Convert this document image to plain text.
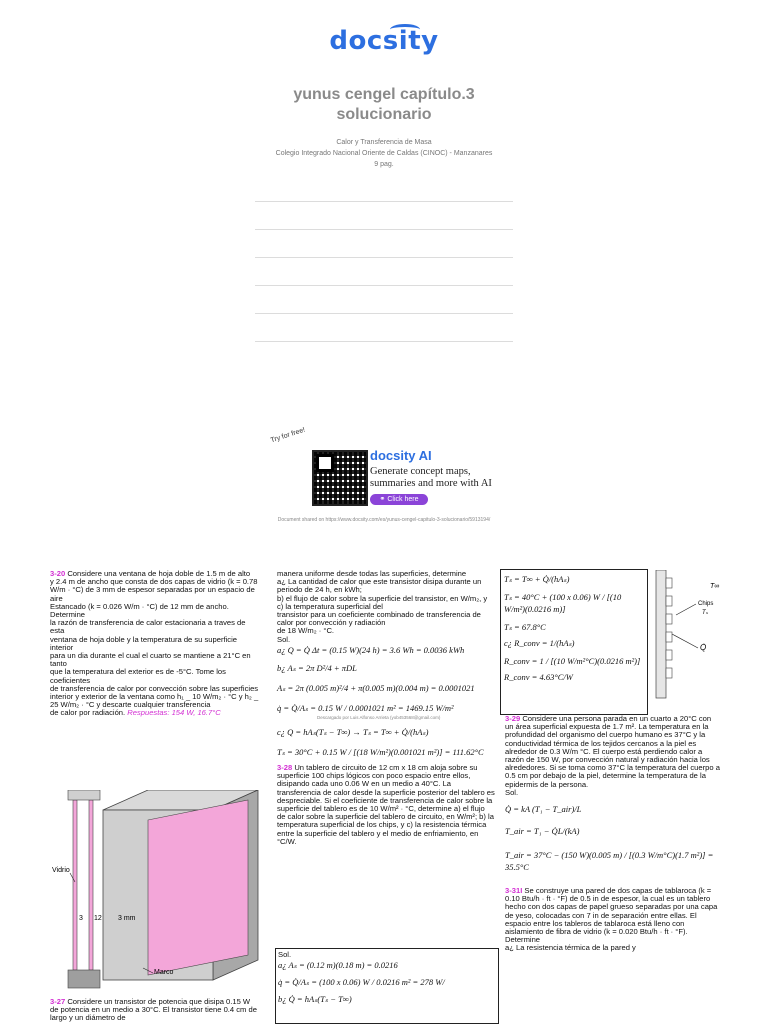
docsity
yunus cengel capítulo.3
solucionario
Calor y Transferencia de Masa
Colegio Integrado Nacional Oriente de Caldas (CINOC) - Manzanares
9 pag.
Try for free!
docsity AI
Generate concept maps,
summaries and more with AI
⚭ Click here
Document shared on https://www.docsity.com/es/yunus-cengel-capitulo-3-solucionario/5913194/

3-20 Considere una ventana de hoja doble de 1.5 m de alto

y 2.4 m de ancho que consta de dos capas de vidrio (k = 0.78

W/m · °C) de 3 mm de espesor separadas por un espacio de aire

Estancado (k = 0.026 W/m · °C) de 12 mm de ancho. Determine

la razón de transferencia de calor estacionaria a traves de esta

ventana de hoja doble y la temperatura de su superficie interior

para un dia durante el cual el cuarto se mantiene a 21°C en tanto

que la temperatura del exterior es de -5°C. Tome los coeficientes

de transferencia de calor por convección sobre las superficies

interior y exterior de la ventana como h₁ _ 10 W/m₂ · °C y h₂ _ 25 W/m₂ · °C y descarte cualquier transferencia

de calor por radiación. Respuestas: 154 W, 16.7°C

Vidrio
3 12 3 mm
Marco

3-27 Considere un transistor de potencia que disipa 0.15 W de potencia en un medio a 30°C. El transistor tiene 0.4 cm de largo y un diámetro de

manera uniforme desde todas las superficies, determine

a¿ La cantidad de calor que este transistor disipa durante un periodo de 24 h, en kWh;

b) el flujo de calor sobre la superficie del transistor, en W/m₂, y c) la temperatura superficial del

transistor para un coeficiente combinado de transferencia de calor por convección y radiación

de 18 W/m₂ · °C.

Sol.

a¿ Q = Q̇ Δt = (0.15 W)(24 h) = 3.6 Wh = 0.0036 kWh
b¿ Aₛ = 2π D²/4 + πDL
Aₛ = 2π (0.005 m)²/4 + π(0.005 m)(0.004 m) = 0.0001021
q̇ = Q̇/Aₛ = 0.15 W / 0.0001021 m² = 1469.15 W/m²
Descargado por Luis Alfonso Arrieta (yob453568@gmail.com)
c¿ Q = hAₛ(Tₛ − T∞) → Tₛ = T∞ + Q̇/(hAₛ)
Tₛ = 30°C + 0.15 W / [(18 W/m²)(0.001021 m²)] = 111.62°C

3-28 Un tablero de circuito de 12 cm x 18 cm aloja sobre su superficie 100 chips lógicos con poco espacio entre ellos, disipando cada uno 0.06 W en un medio a 40°C. La transferencia de calor desde la superficie posterior del tablero es despreciable. Si el coeficiente de transferencia de calor sobre la superficie del tablero es de 10 W/m² · °C, determine a) el flujo de calor sobre la superficie del tablero de circuito, en W/m²; b) la temperatura superficial de los chips, y c) la resistencia térmica entre la superficie del tablero y el medio de enfriamiento, en °C/W.

Sol.

a¿ Aₛ = (0.12 m)(0.18 m) = 0.0216
q̇ = Q̇/Aₛ = (100 x 0.06) W / 0.0216 m² = 278 W/
b¿ Q̇ = hAₛ(Tₛ − T∞)
Tₛ = T∞ + Q̇/(hAₛ)
Tₛ = 40°C + (100 x 0.06) W / [(10 W/m²)(0.0216 m)]
Tₛ = 67.8°C
c¿ R_conv = 1/(hAₛ)
R_conv = 1 / [(10 W/m²°C)(0.0216 m²)]
R_conv = 4.63°C/W
T∞
Chips
Tₛ
Q̇

3-29 Considere una persona parada en un cuarto a 20°C con un área superficial expuesta de 1.7 m². La temperatura en la profundidad del organismo del cuerpo humano es 37°C y la conductividad térmica de los tejidos cercanos a la piel es alrededor de 0.3 W/m °C. El cuerpo está perdiendo calor a razón de 150 W, por convección natural y radiación hacia los alrededores. Si se toma como 37°C la temperatura del cuerpo a 0.5 cm por debajo de la piel, determine la temperatura de la epidermis de la persona.

Sol.

Q̇ = kA (T₁ − T_air)/L
T_air = T₁ − Q̇L/(kA)
T_air = 37°C − (150 W)(0.005 m) / [(0.3 W/m°C)(1.7 m²)] = 35.5°C

3-31I Se construye una pared de dos capas de tablaroca (k = 0.10 Btu/h · ft · °F) de 0.5 in de espesor, la cual es un tablero hecho con dos capas de papel grueso separadas por una capa de yeso, colocadas con 7 in de separación entre ellas. El espacio entre los tableros de tablaroca está lleno con aislamiento de fibra de vidrio (k = 0.020 Btu/h · ft · °F). Determine

a¿ La resistencia térmica de la pared y
